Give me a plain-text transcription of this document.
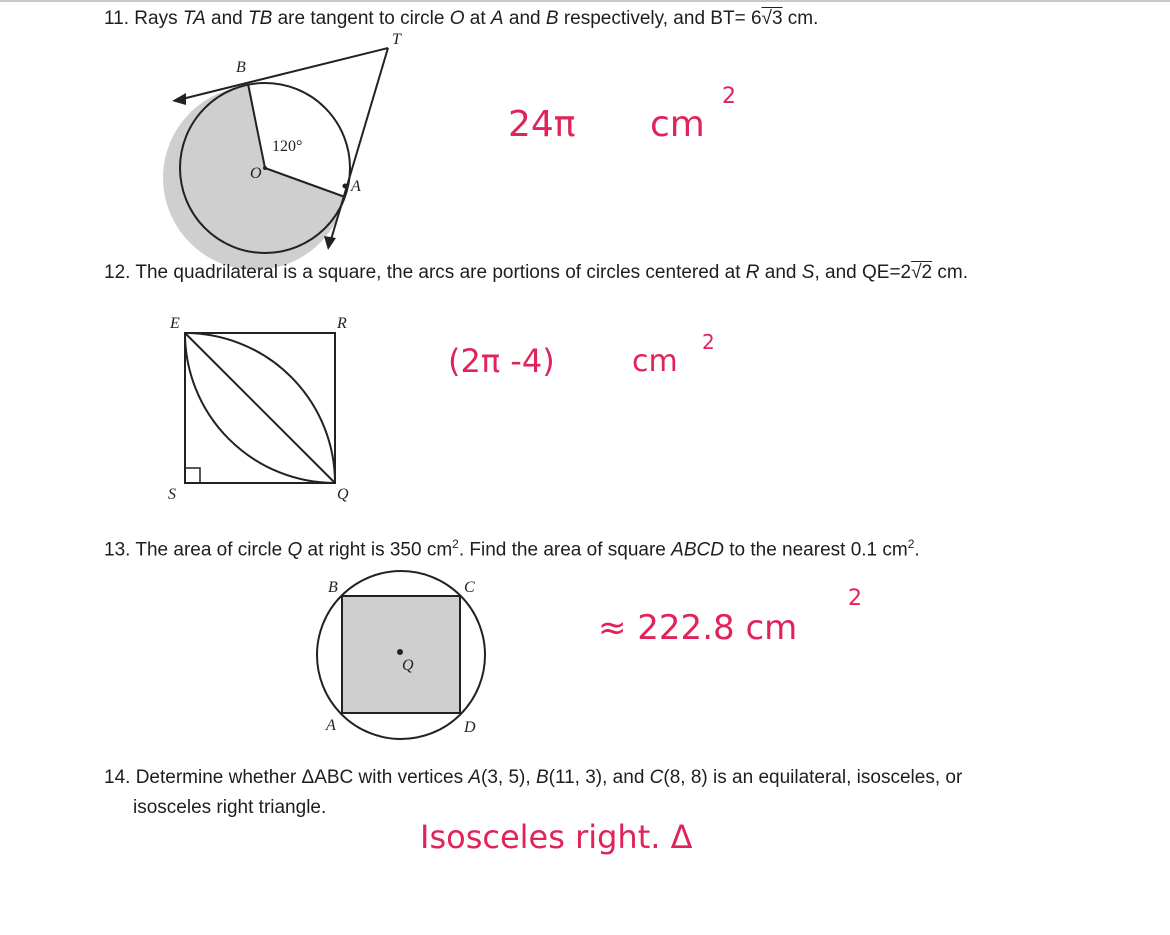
11. Rays TA and TB are tangent to circle O at A and B respectively, and BT= 6√3 cm.
T
B
O
A
120°
24π cm
2
12. The quadrilateral is a square, the arcs are portions of circles centered at R and S, and QE=2√2 cm.
E	R
S	Q
(2π -4)	cm
2
13. The area of circle Q at right is 350 $cm^2$. Find the area of square ABCD to the nearest 0.1 $cm^2$.
B	C
A	D
Q
≈ 222.8 cm
2
14. Determine whether ΔABC with vertices A(3, 5), B(11, 3), and C(8, 8) is an equilateral, isosceles, or
isosceles right triangle.
Isosceles right. Δ
